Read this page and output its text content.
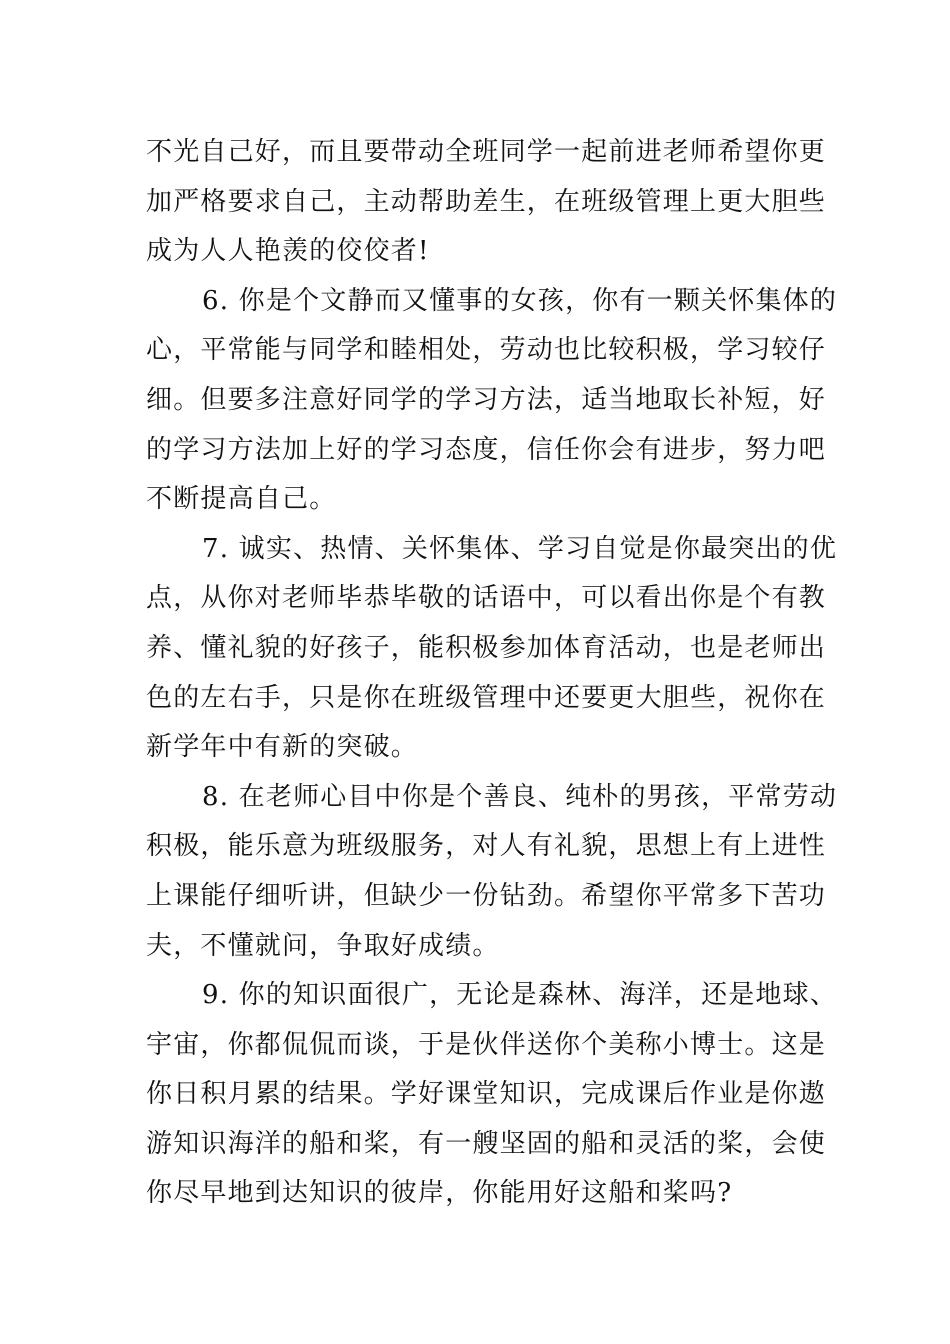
不光自己好，而且要带动全班同学一起前进老师希望你更
加严格要求自己，主动帮助差生，在班级管理上更大胆些
成为人人艳羡的佼佼者!
6. 你是个文静而又懂事的女孩，你有一颗关怀集体的
心，平常能与同学和睦相处，劳动也比较积极，学习较仔
细。但要多注意好同学的学习方法，适当地取长补短，好
的学习方法加上好的学习态度，信任你会有进步，努力吧
不断提高自己。
7. 诚实、热情、关怀集体、学习自觉是你最突出的优
点，从你对老师毕恭毕敬的话语中，可以看出你是个有教
养、懂礼貌的好孩子，能积极参加体育活动，也是老师出
色的左右手，只是你在班级管理中还要更大胆些，祝你在
新学年中有新的突破。
8. 在老师心目中你是个善良、纯朴的男孩，平常劳动
积极，能乐意为班级服务，对人有礼貌，思想上有上进性
上课能仔细听讲，但缺少一份钻劲。希望你平常多下苦功
夫，不懂就问，争取好成绩。
9. 你的知识面很广，无论是森林、海洋，还是地球、
宇宙，你都侃侃而谈，于是伙伴送你个美称小博士。这是
你日积月累的结果。学好课堂知识，完成课后作业是你遨
游知识海洋的船和桨，有一艘坚固的船和灵活的桨，会使
你尽早地到达知识的彼岸，你能用好这船和桨吗?
